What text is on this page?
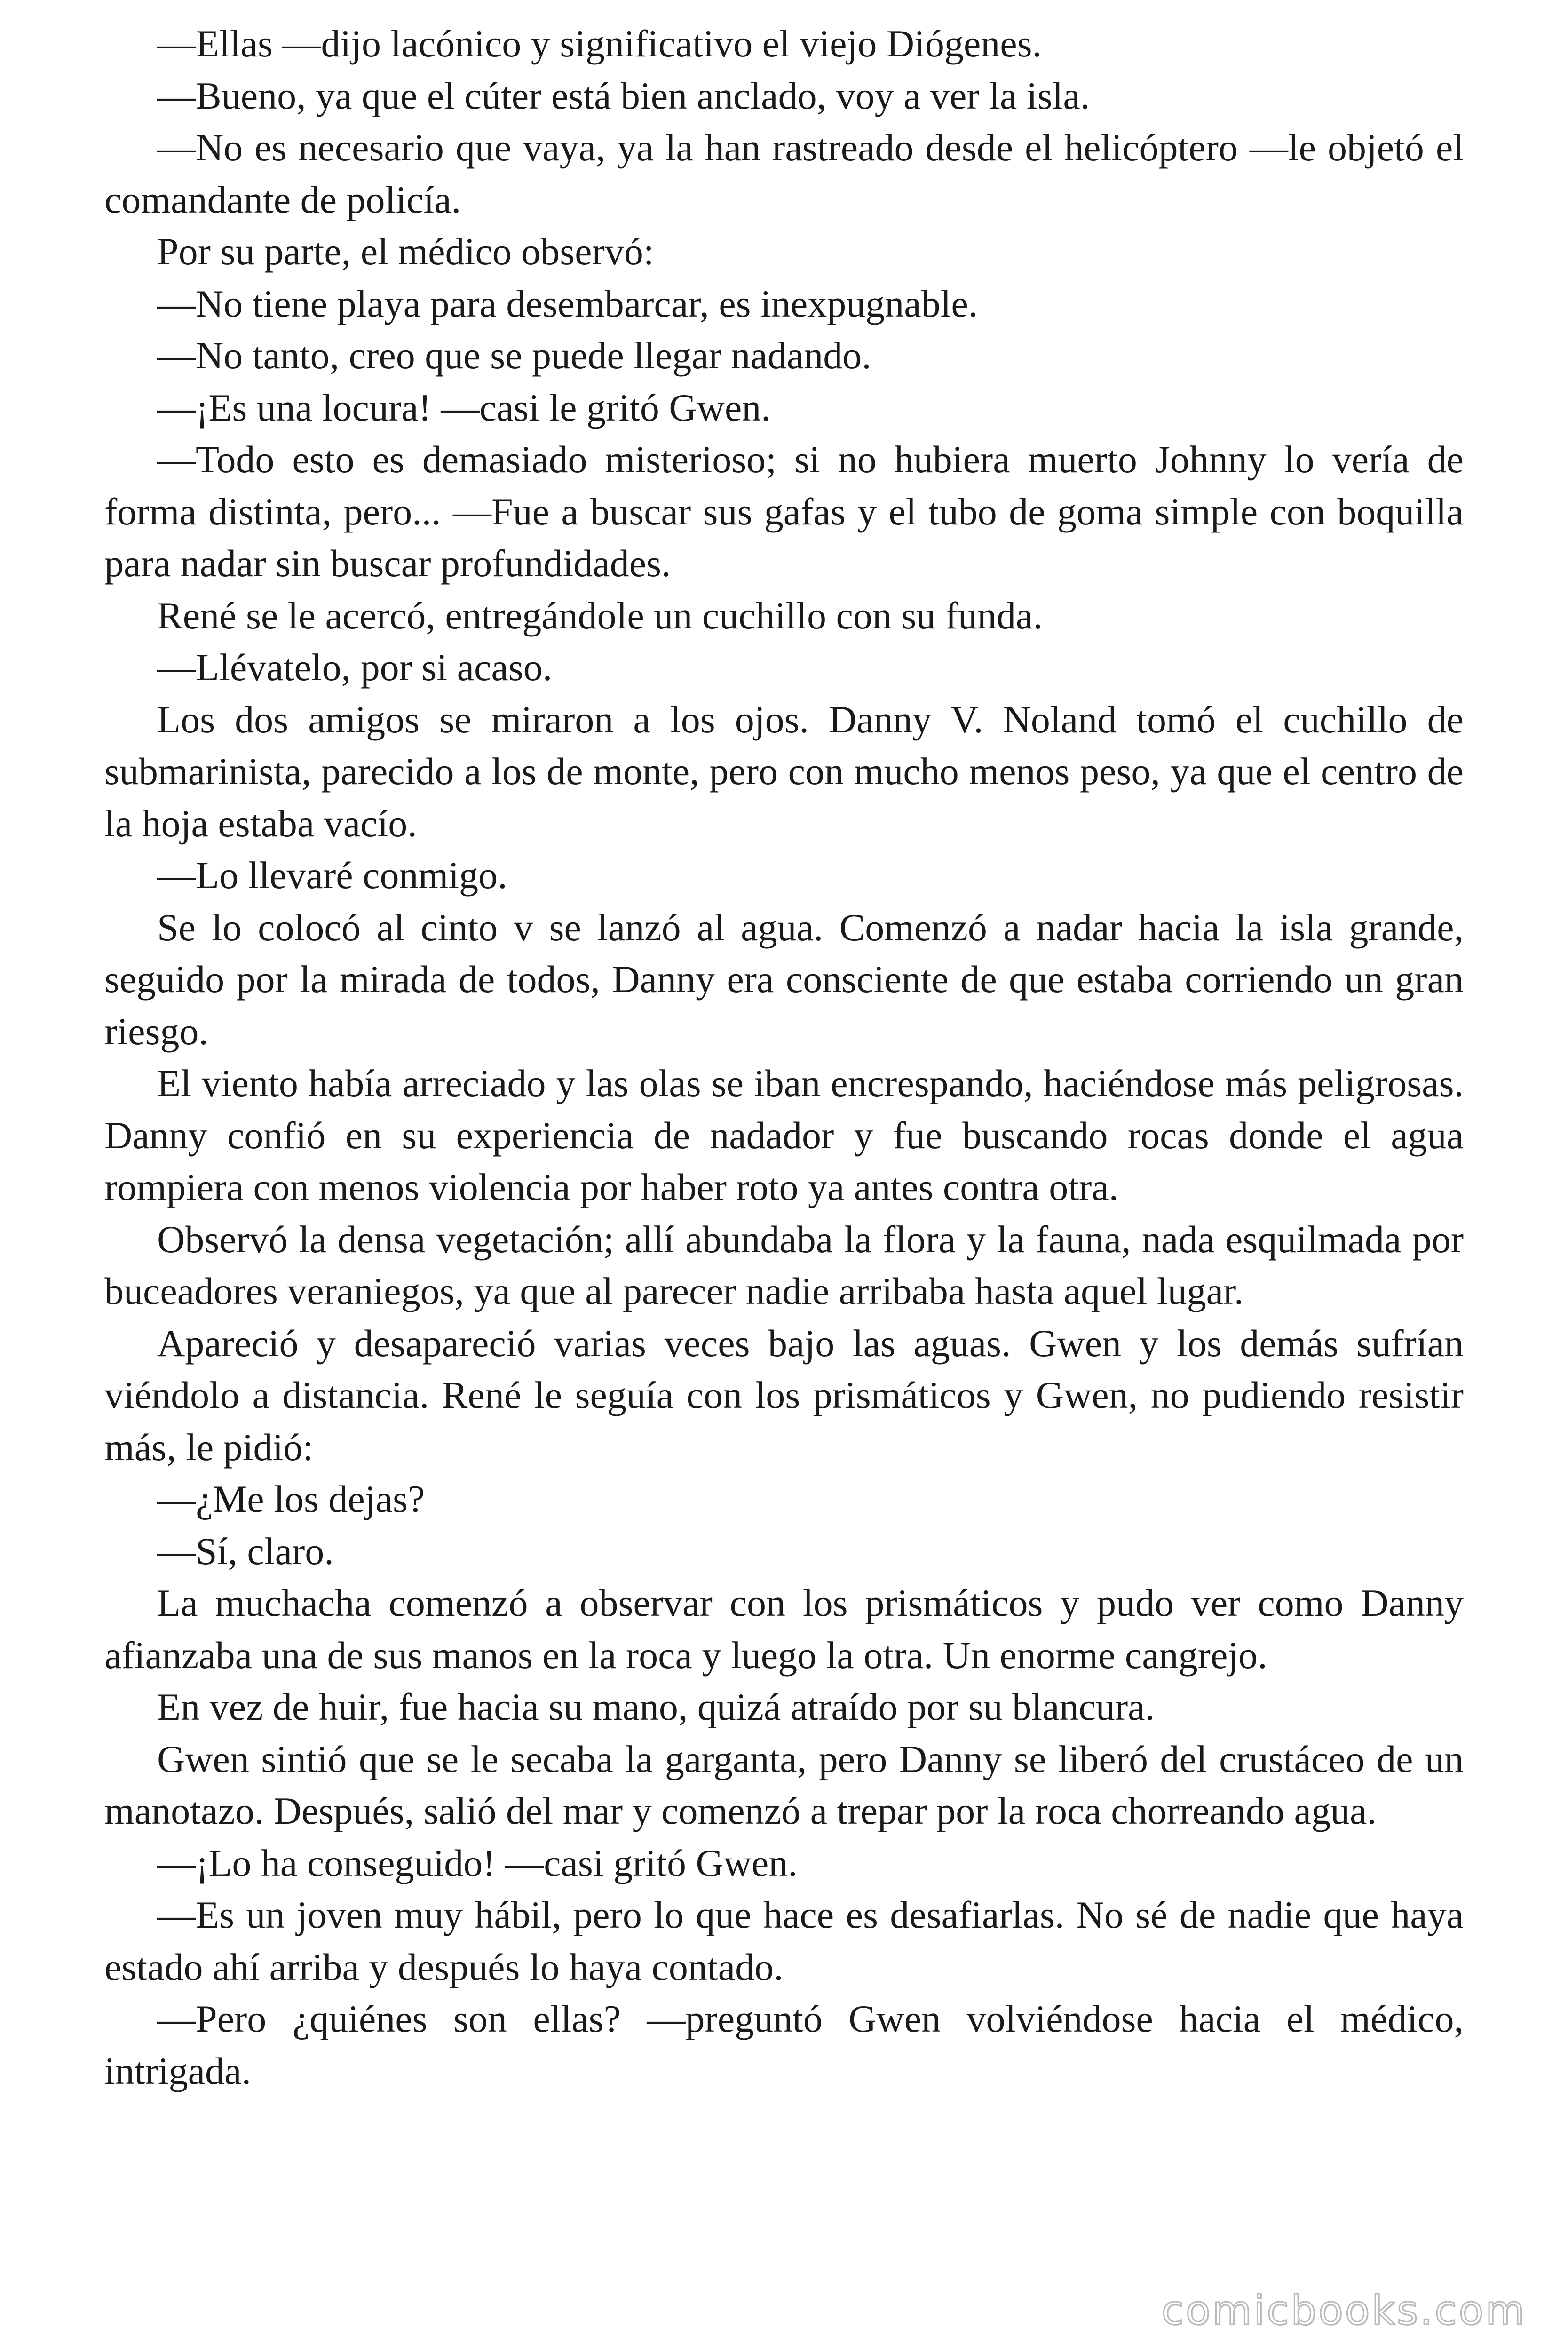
—Ellas —dijo lacónico y significativo el viejo Diógenes.

—Bueno, ya que el cúter está bien anclado, voy a ver la isla.

—No es necesario que vaya, ya la han rastreado desde el helicóptero —le objetó el comandante de policía.

Por su parte, el médico observó:

—No tiene playa para desembarcar, es inexpugnable.

—No tanto, creo que se puede llegar nadando.

—¡Es una locura! —casi le gritó Gwen.

—Todo esto es demasiado misterioso; si no hubiera muerto Johnny lo vería de forma distinta, pero... —Fue a buscar sus gafas y el tubo de goma simple con boquilla para nadar sin buscar profundidades.

René se le acercó, entregándole un cuchillo con su funda.

—Llévatelo, por si acaso.

Los dos amigos se miraron a los ojos. Danny V. Noland tomó el cuchillo de submarinista, parecido a los de monte, pero con mucho menos peso, ya que el centro de la hoja estaba vacío.

—Lo llevaré conmigo.

Se lo colocó al cinto v se lanzó al agua. Comenzó a nadar hacia la isla grande, seguido por la mirada de todos, Danny era consciente de que estaba corriendo un gran riesgo.

El viento había arreciado y las olas se iban encrespando, haciéndose más peligrosas. Danny confió en su experiencia de nadador y fue buscando rocas donde el agua rompiera con menos violencia por haber roto ya antes contra otra.

Observó la densa vegetación; allí abundaba la flora y la fauna, nada esquilmada por buceadores veraniegos, ya que al parecer nadie arribaba hasta aquel lugar.

Apareció y desapareció varias veces bajo las aguas. Gwen y los demás sufrían viéndolo a distancia. René le seguía con los prismáticos y Gwen, no pudiendo resistir más, le pidió:

—¿Me los dejas?

—Sí, claro.

La muchacha comenzó a observar con los prismáticos y pudo ver como Danny afianzaba una de sus manos en la roca y luego la otra. Un enorme cangrejo.

En vez de huir, fue hacia su mano, quizá atraído por su blancura.

Gwen sintió que se le secaba la garganta, pero Danny se liberó del crustáceo de un manotazo. Después, salió del mar y comenzó a trepar por la roca chorreando agua.

—¡Lo ha conseguido! —casi gritó Gwen.

—Es un joven muy hábil, pero lo que hace es desafiarlas. No sé de nadie que haya estado ahí arriba y después lo haya contado.

—Pero ¿quiénes son ellas? —preguntó Gwen volviéndose hacia el médico, intrigada.

comicbooks.com
